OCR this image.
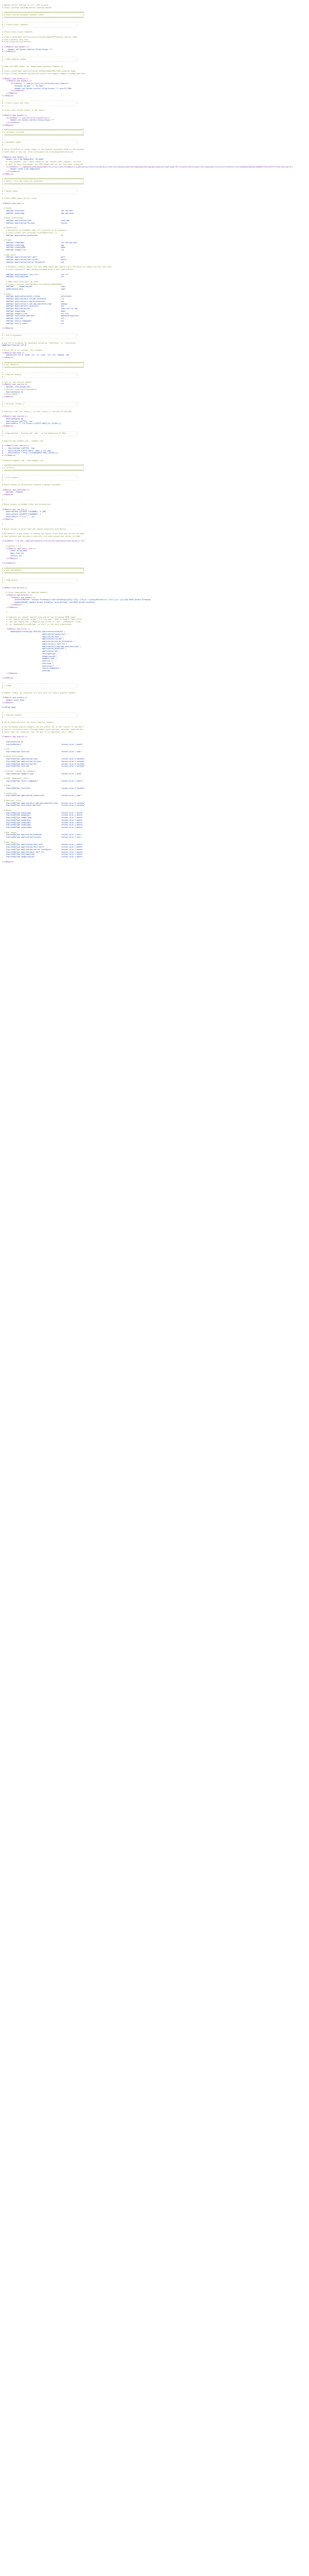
# Apache Server Configs v2.2.0 | MIT License
# https://github.com/h5bp/server-configs-apache
# ############################################################################
# # CROSS-ORIGIN RESOURCE SHARING (CORS)                                     #
# ############################################################################
# ----------------------------------------------------------------------
# | Cross-origin requests                                              |
# ----------------------------------------------------------------------
# Allow cross-origin requests.
#
# https://developer.mozilla.org/en-US/docs/Web/HTTP/Access_control_CORS
# http://enable-cors.org/
# http://www.w3.org/TR/cors/
# <IfModule mod_headers.c>
#     Header set Access-Control-Allow-Origin "*"
# </IfModule>
# ----------------------------------------------------------------------
# | CORS-enabled images                                                |
# ----------------------------------------------------------------------
# Send the CORS header for images when browsers request it.
#
# https://developer.mozilla.org/en-US/docs/Web/HTML/CORS_enabled_image
# https://blog.chromium.org/2011/07/using-cross-domain-images-in-webgl-and.html
<IfModule mod_setenvif.c>
<IfModule mod_headers.c>
<FilesMatch "\.(bmp|cur|gif|ico|jpe?g|png|svgz?|webp)$">
SetEnvIf Origin ":" IS_CORS
Header set Access-Control-Allow-Origin "*" env=IS_CORS
</FilesMatch>
</IfModule>
</IfModule>
# ----------------------------------------------------------------------
# | Cross-origin web fonts                                             |
# ----------------------------------------------------------------------
# Allow cross-origin access to web fonts.
<IfModule mod_headers.c>
<FilesMatch "\.(eot|otf|tt[cf]|woff2?)$">
Header set Access-Control-Allow-Origin "*"
</FilesMatch>
</IfModule>
# ############################################################################
# # INTERNET EXPLORER                                                        #
# ############################################################################
# ----------------------------------------------------------------------
# | Document modes                                                     |
# ----------------------------------------------------------------------
# Force IE 8/9/10 to render pages in the highest available mode in the various
# cases when it may not: http://hsivonen.iki.fi/doctype/#ieroles.md
<IfModule mod_headers.c>
Header set X-UA-Compatible "IE=edge"
# `mod_headers` can't match based on the content-type, however, we only
# want to send this header for HTML pages and not for the other resources
<FilesMatch "\.(appcache|atom|bbaw|bmp|crx|css|cur|eot|f4[abpv]|flv|geojson|gif|htc|ico|jpe?g|js|json(ld)?|m4[av]|manifest|map|mp4|oex|og[agv]|opus|otf|pdf|png|rdf|rss|safariextz|svgz?|swf|topojson|tt[cf]|txt|vcard|vcf|vtt|webapp|web[mp]|webmanifest|woff2?|xloc|xml|xpi)$">
Header unset X-UA-Compatible
</FilesMatch>
</IfModule>
# ############################################################################
# # MEDIA TYPES AND CHARACTER ENCODINGS                                      #
# ############################################################################
# ----------------------------------------------------------------------
# | Media types                                                        |
# ----------------------------------------------------------------------
# Proper MIME types for all files
<IfModule mod_mime.c>
# Audio
AddType audio/mp4                                   f4a f4b m4a
AddType audio/ogg                                   oga ogg opus
# Data interchange
AddType application/json                            json map
AddType application/ld+json                         jsonld
# JavaScript
# Normalize to standard type (it's sniffed in IE anyways):
# http://tools.ietf.org/html/rfc4329#section-7.2
AddType application/javascript                      js
# Video
AddType video/mp4                                   f4v f4p m4v mp4
AddType video/ogg                                   ogv
AddType video/webm                                  webm
AddType video/x-flv                                 flv
# Web fonts
AddType application/font-woff                       woff
AddType application/font-woff2                      woff2
AddType application/vnd.ms-fontobject               eot
# Browsers usually ignore the font MIME types and simply sniff the bytes to figure out the font type.
# http://mimesniff.spec.whatwg.org/#matching-a-font-type-pattern
AddType application/x-font-ttf                      ttc ttf
AddType font/opentype                               otf
# Make SVGZ fonts work on iPad:
# https://twitter.com/FontSquirrel/status/14855840545
AddType     image/svg+xml                           svgz
AddEncoding gzip                                    svgz
# Other
AddType application/octet-stream                    safariextz
AddType application/x-chrome-extension              crx
AddType application/x-opera-extension               oex
AddType application/x-web-app-manifest+json         webapp
AddType application/x-xpinstall                     xpi
AddType application/xml                             atom rdf rss xml
AddType image/webp                                  webp
AddType image/x-icon                                cur ico
AddType text/cache-manifest                         appcache manifest
AddType text/vtt                                    vtt
AddType text/x-component                            htc
AddType text/x-vcard                                vcf
</IfModule>
# ----------------------------------------------------------------------
# | UTF-8 encoding                                                     |
# ----------------------------------------------------------------------
# Use UTF-8 encoding for anything served as `text/html` or `text/plain`.
AddDefaultCharset utf-8
# Force UTF-8 for certain file formats.
<IfModule mod_mime.c>
AddCharset utf-8 .atom .css .js .json .rss .vtt .webapp .xml
</IfModule>
# ############################################################################
# # URL REWRITES                                                             #
# ############################################################################
# ----------------------------------------------------------------------
# | Rewrite engine                                                     |
# ----------------------------------------------------------------------
# Turn on the rewrite engine
<IfModule mod_rewrite.c>
Options +FollowSymlinks
# Options +SymLinksIfOwnerMatch
RewriteEngine On
# RewriteBase /
</IfModule>
# ----------------------------------------------------------------------
# | Forcing `https://`                                                 |
# ----------------------------------------------------------------------
# Redirect from the `http://` to the `https://` version of the URL.
<IfModule mod_rewrite.c>
RewriteEngine On
RewriteCond %{HTTPS} !=on
RewriteRule ^(.*)$ https://%{HTTP_HOST}/$1 [R=301,L]
</IfModule>
# ----------------------------------------------------------------------
# | Suppressing / Forcing the `www.` at the beginning of URLs          |
# ----------------------------------------------------------------------
# Rewrite www.example.com → example.com
# <IfModule mod_rewrite.c>
#     RewriteCond %{HTTPS} !=on
#     RewriteCond %{HTTP_HOST} ^www\.(.+)$ [NC]
#     RewriteRule ^ http://%1%{REQUEST_URI} [R=301,L]
# </IfModule>
# Rewrite example.com → www.example.com
# ############################################################################
# # SECURITY                                                                 #
# ############################################################################
# ----------------------------------------------------------------------
# | File access                                                        |
# ----------------------------------------------------------------------
# Block access to directories without a default document.
<IfModule mod_autoindex.c>
Options -Indexes
</IfModule>
# - - - - - - - - - - - - - - - - - - - - - - - - - - - - - - - - - - - - - -
# Block access to hidden files and directories.
<IfModule mod_rewrite.c>
RewriteCond %{SCRIPT_FILENAME} -d [OR]
RewriteCond %{SCRIPT_FILENAME} -f
RewriteRule "(^|/)\." - [F]
</IfModule>
# - - - - - - - - - - - - - - - - - - - - - - - - - - - - - - - - - - - - - -
# Block access to files that can expose sensitive information.
# By default, block access to backup and source files that may be left by some
# text editors and can pose a security risk when anyone has access to them.
<FilesMatch "(^#.*#|\.(bak|config|dist|fla|inc|ini|log|psd|sh|sql|sw[op])|~)$">
# Apache < 2.3
<IfModule !mod_authz_core.c>
Order allow,deny
Deny from all
Satisfy All
</IfModule>
</FilesMatch>
# ############################################################################
# # WEB PERFORMANCE                                                          #
# ############################################################################
# ----------------------------------------------------------------------
# | Compression                                                        |
# ----------------------------------------------------------------------
<IfModule mod_deflate.c>
# Force compression for mangled headers.
<IfModule mod_setenvif.c>
<IfModule mod_headers.c>
SetEnvIfNoCase ^(Accept-EncodXng|X-cept-Encoding|X{15}|~{15}|-{15})$ ^((gzip|deflate)\s*,?\s*)+|[X~-]{4,13}$ HAVE_Accept-Encoding
RequestHeader append Accept-Encoding "gzip,deflate" env=HAVE_Accept-Encoding
</IfModule>
</IfModule>
# - - - - - - - - - - - - - - - - - - - - - - - - - - - - - - - - - - - -
# Compress all output labeled with one of the following MIME-types
# (for Apache versions below 2.3.7, you don't need to enable `mod_filter`
#  and can remove the `<IfModule mod_filter.c>` and `</IfModule>` lines
#  as `AddOutputFilterByType` is still in the core directives).
<IfModule mod_filter.c>
AddOutputFilterByType DEFLATE application/atom+xml \
application/javascript \
application/json \
application/rss+xml \
application/vnd.ms-fontobject \
application/x-font-ttf \
application/x-web-app-manifest+json \
application/xhtml+xml \
application/xml \
font/opentype \
image/svg+xml \
image/x-icon \
text/css \
text/html \
text/plain \
text/x-component \
text/xml
</IfModule>
</IfModule>
# ----------------------------------------------------------------------
# | ETags                                                              |
# ----------------------------------------------------------------------
# Remove `ETags` as resources are sent with far-future expires headers.
<IfModule mod_headers.c>
Header unset ETag
</IfModule>
FileETag None
# ----------------------------------------------------------------------
# | Expires headers                                                    |
# ----------------------------------------------------------------------
# Serve resources with far-future expires headers.
# The following expires headers are set pretty far in the future. If you don't
# control versioning with filename-based cache busting, consider lowering the
# cache time for resources like CSS and JS to something like 1 week.
<IfModule mod_expires.c>
ExpiresActive on
ExpiresDefault                                      "access plus 1 month"
# CSS
ExpiresByType text/css                              "access plus 1 year"
# Data interchange
ExpiresByType application/json                      "access plus 0 seconds"
ExpiresByType application/ld+json                   "access plus 0 seconds"
ExpiresByType application/xml                       "access plus 0 seconds"
ExpiresByType text/xml                              "access plus 0 seconds"
# Favicon (cannot be renamed!)
ExpiresByType image/x-icon                          "access plus 1 week"
# HTML components (HTCs)
ExpiresByType text/x-component                      "access plus 1 month"
# HTML
ExpiresByType text/html                             "access plus 0 seconds"
# JavaScript
ExpiresByType application/javascript                "access plus 1 year"
# Manifest files
ExpiresByType application/x-web-app-manifest+json   "access plus 0 seconds"
ExpiresByType text/cache-manifest                   "access plus 0 seconds"
# Media
ExpiresByType audio/ogg                             "access plus 1 month"
ExpiresByType image/gif                             "access plus 1 month"
ExpiresByType image/jpeg                            "access plus 1 month"
ExpiresByType image/png                             "access plus 1 month"
ExpiresByType video/mp4                             "access plus 1 month"
ExpiresByType video/ogg                             "access plus 1 month"
ExpiresByType video/webm                            "access plus 1 month"
# Web feeds
ExpiresByType application/atom+xml                  "access plus 1 hour"
ExpiresByType application/rss+xml                   "access plus 1 hour"
# Web fonts
ExpiresByType application/font-woff                 "access plus 1 month"
ExpiresByType application/font-woff2                "access plus 1 month"
ExpiresByType application/vnd.ms-fontobject         "access plus 1 month"
ExpiresByType application/x-font-ttf                "access plus 1 month"
ExpiresByType font/opentype                         "access plus 1 month"
ExpiresByType image/svg+xml                         "access plus 1 month"
</IfModule>
